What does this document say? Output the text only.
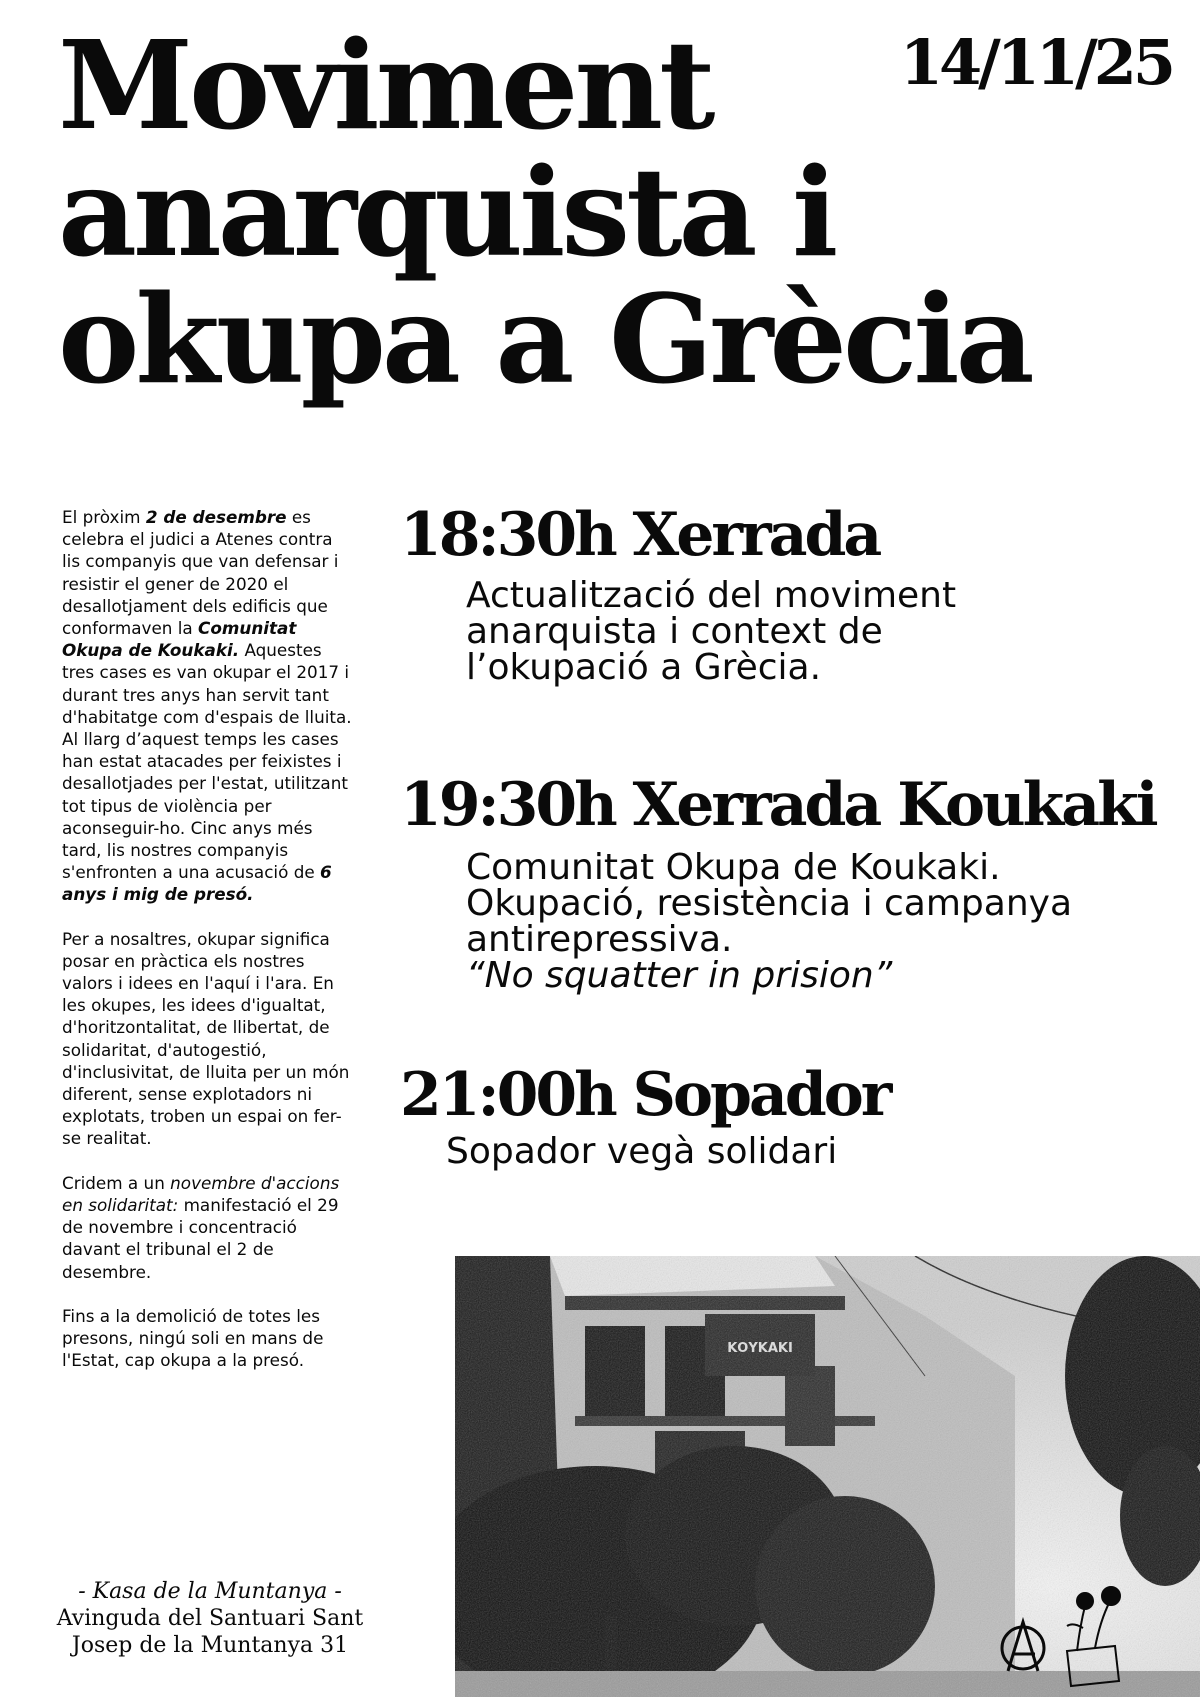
Moviment
anarquista i
okupa a Grècia
14/11/25

El pròxim 2 de desembre es celebra el judici a Atenes contra lis companyis que van defensar i resistir el gener de 2020 el desallotjament dels edificis que conformaven la Comunitat Okupa de Koukaki. Aquestes tres cases es van okupar el 2017 i durant tres anys han servit tant d'habitatge com d'espais de lluita. Al llarg d’aquest temps les cases han estat atacades per feixistes i desallotjades per l'estat, utilitzant tot tipus de violència per aconseguir-ho. Cinc anys més tard, lis nostres companyis s'enfronten a una acusació de 6 anys i mig de presó.

Per a nosaltres, okupar significa posar en pràctica els nostres valors i idees en l'aquí i l'ara. En les okupes, les idees d'igualtat, d'horitzontalitat, de llibertat, de solidaritat, d'autogestió, d'inclusivitat, de lluita per un món diferent, sense explotadors ni explotats, troben un espai on fer-se realitat.

Cridem a un novembre d'accions en solidaritat: manifestació el 29 de novembre i concentració davant el tribunal el 2 de desembre.

Fins a la demolició de totes les presons, ningú soli en mans de l'Estat, cap okupa a la presó.

- Kasa de la Muntanya -
Avinguda del Santuari Sant
Josep de la Muntanya 31
18:30h Xerrada

Actualització del moviment

anarquista i context de

l’okupació a Grècia.

19:30h Xerrada Koukaki

Comunitat Okupa de Koukaki.

Okupació, resistència i campanya

antirepressiva.

“No squatter in prision”

21:00h Sopador

Sopador vegà solidari
